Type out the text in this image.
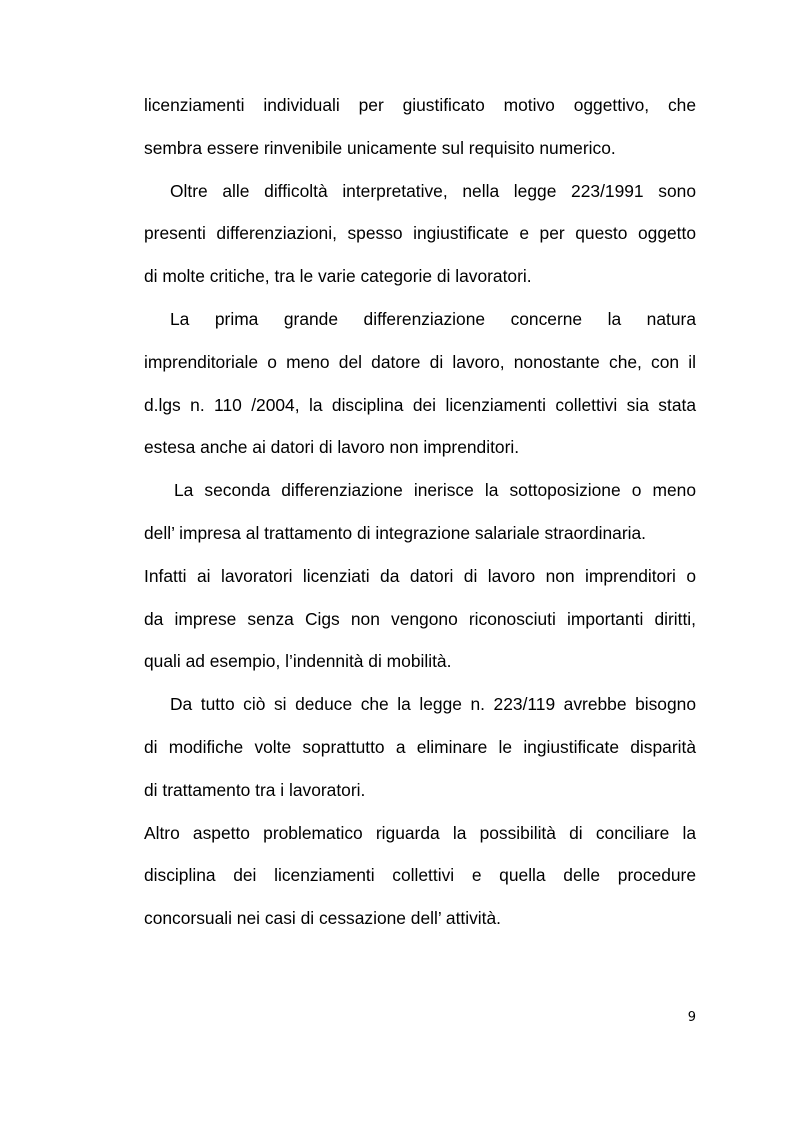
licenziamenti individuali per giustificato motivo oggettivo, che
sembra essere rinvenibile unicamente sul requisito numerico.
Oltre alle difficoltà interpretative, nella legge 223/1991 sono
presenti differenziazioni, spesso ingiustificate e per questo oggetto
di molte critiche, tra le varie categorie di lavoratori.
La prima grande differenziazione concerne la natura
imprenditoriale o meno del datore di lavoro, nonostante che, con il
d.lgs n. 110 /2004, la disciplina dei licenziamenti collettivi sia stata
estesa anche ai datori di lavoro non imprenditori.
La seconda differenziazione inerisce la sottoposizione o meno
dell’ impresa al trattamento di integrazione salariale straordinaria.
Infatti ai lavoratori licenziati da datori di lavoro non imprenditori o
da imprese senza Cigs non vengono riconosciuti importanti diritti,
quali ad esempio, l’indennità di mobilità.
Da tutto ciò si deduce che la legge n. 223/119 avrebbe bisogno
di modifiche volte soprattutto a eliminare le ingiustificate disparità
di trattamento tra i lavoratori.
Altro aspetto problematico riguarda la possibilità di conciliare la
disciplina dei licenziamenti collettivi e quella delle procedure
concorsuali nei casi di cessazione dell’ attività.
9
